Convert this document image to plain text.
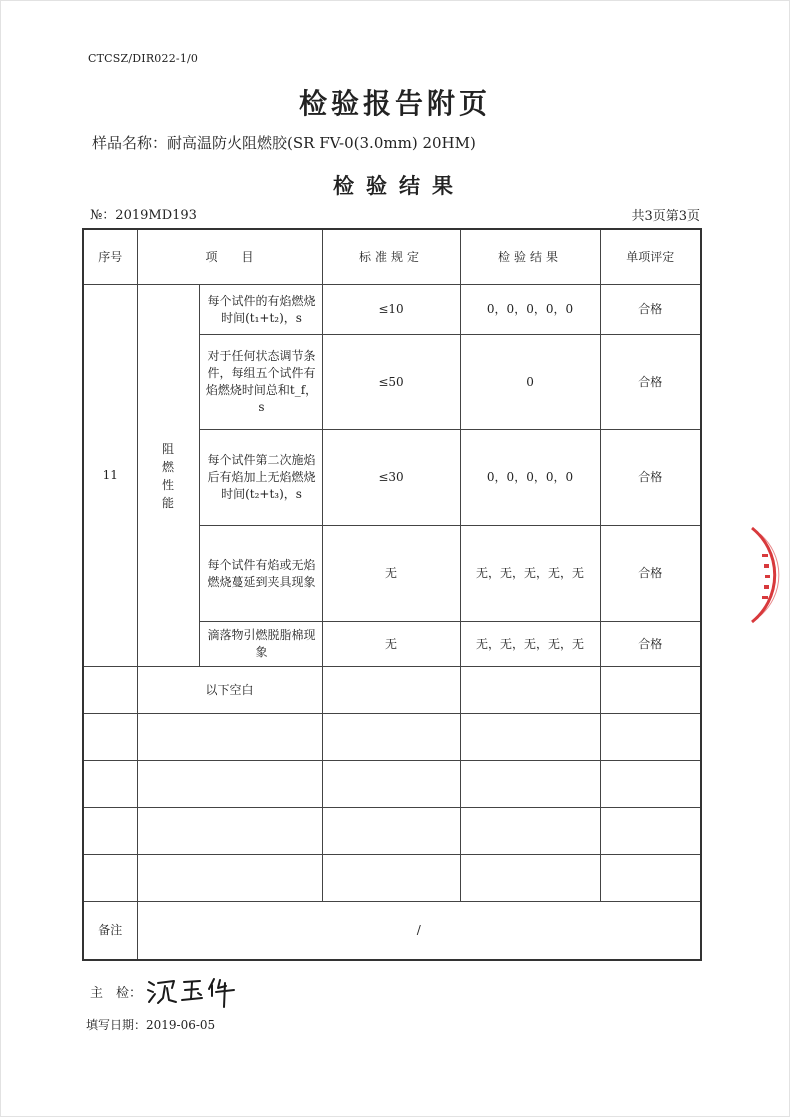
CTCSZ/DIR022-1/0
检验报告附页
样品名称：耐高温防火阻燃胶(SR FV-0(3.0mm) 20HM)
检验结果
№：2019MD193	共3页第3页
序号	项　　目		标准规定	检验结果	单项评定
11	阻燃性能	每个试件的有焰燃烧时间(t₁+t₂)，s	≤10	0，0，0，0，0	合格
		对于任何状态调节条件，每组五个试件有焰燃烧时间总和t_f，s	≤50	0	合格
		每个试件第二次施焰后有焰加上无焰燃烧时间(t₂+t₃)，s	≤30	0，0，0，0，0	合格
		每个试件有焰或无焰燃烧蔓延到夹具现象	无	无，无，无，无，无	合格
		滴落物引燃脱脂棉现象	无	无，无，无，无，无	合格
	以下空白				

备注	/				
主　检：
填写日期：2019-06-05
